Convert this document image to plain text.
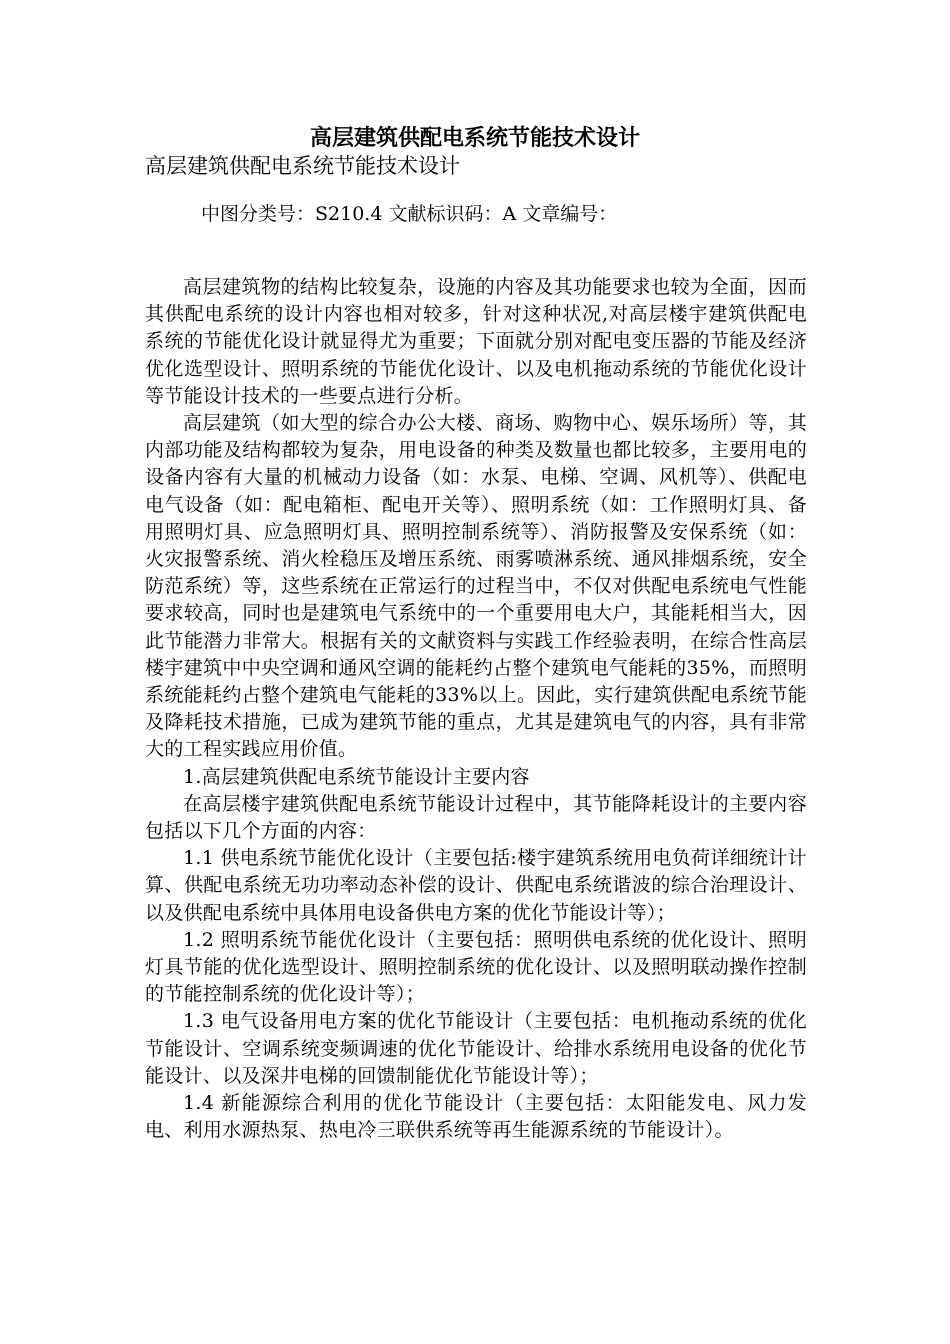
高层建筑供配电系统节能技术设计
高层建筑供配电系统节能技术设计
中图分类号：S210.4 文献标识码：A 文章编号：

高层建筑物的结构比较复杂，设施的内容及其功能要求也较为全面，因而其供配电系统的设计内容也相对较多，针对这种状况,对高层楼宇建筑供配电系统的节能优化设计就显得尤为重要；下面就分别对配电变压器的节能及经济优化选型设计、照明系统的节能优化设计、以及电机拖动系统的节能优化设计等节能设计技术的一些要点进行分析。

高层建筑（如大型的综合办公大楼、商场、购物中心、娱乐场所）等，其内部功能及结构都较为复杂，用电设备的种类及数量也都比较多，主要用电的设备内容有大量的机械动力设备（如：水泵、电梯、空调、风机等）、供配电电气设备（如：配电箱柜、配电开关等）、照明系统（如：工作照明灯具、备用照明灯具、应急照明灯具、照明控制系统等）、消防报警及安保系统（如：火灾报警系统、消火栓稳压及增压系统、雨雾喷淋系统、通风排烟系统，安全防范系统）等，这些系统在正常运行的过程当中，不仅对供配电系统电气性能要求较高，同时也是建筑电气系统中的一个重要用电大户，其能耗相当大，因此节能潜力非常大。根据有关的文献资料与实践工作经验表明，在综合性高层楼宇建筑中中央空调和通风空调的能耗约占整个建筑电气能耗的35%，而照明系统能耗约占整个建筑电气能耗的33%以上。因此，实行建筑供配电系统节能及降耗技术措施，已成为建筑节能的重点，尤其是建筑电气的内容，具有非常大的工程实践应用价值。

1.高层建筑供配电系统节能设计主要内容

在高层楼宇建筑供配电系统节能设计过程中，其节能降耗设计的主要内容包括以下几个方面的内容：

1.1 供电系统节能优化设计（主要包括:楼宇建筑系统用电负荷详细统计计算、供配电系统无功功率动态补偿的设计、供配电系统谐波的综合治理设计、以及供配电系统中具体用电设备供电方案的优化节能设计等）；

1.2 照明系统节能优化设计（主要包括：照明供电系统的优化设计、照明灯具节能的优化选型设计、照明控制系统的优化设计、以及照明联动操作控制的节能控制系统的优化设计等）；

1.3 电气设备用电方案的优化节能设计（主要包括：电机拖动系统的优化节能设计、空调系统变频调速的优化节能设计、给排水系统用电设备的优化节能设计、以及深井电梯的回馈制能优化节能设计等）；

1.4 新能源综合利用的优化节能设计（主要包括：太阳能发电、风力发电、利用水源热泵、热电冷三联供系统等再生能源系统的节能设计）。
